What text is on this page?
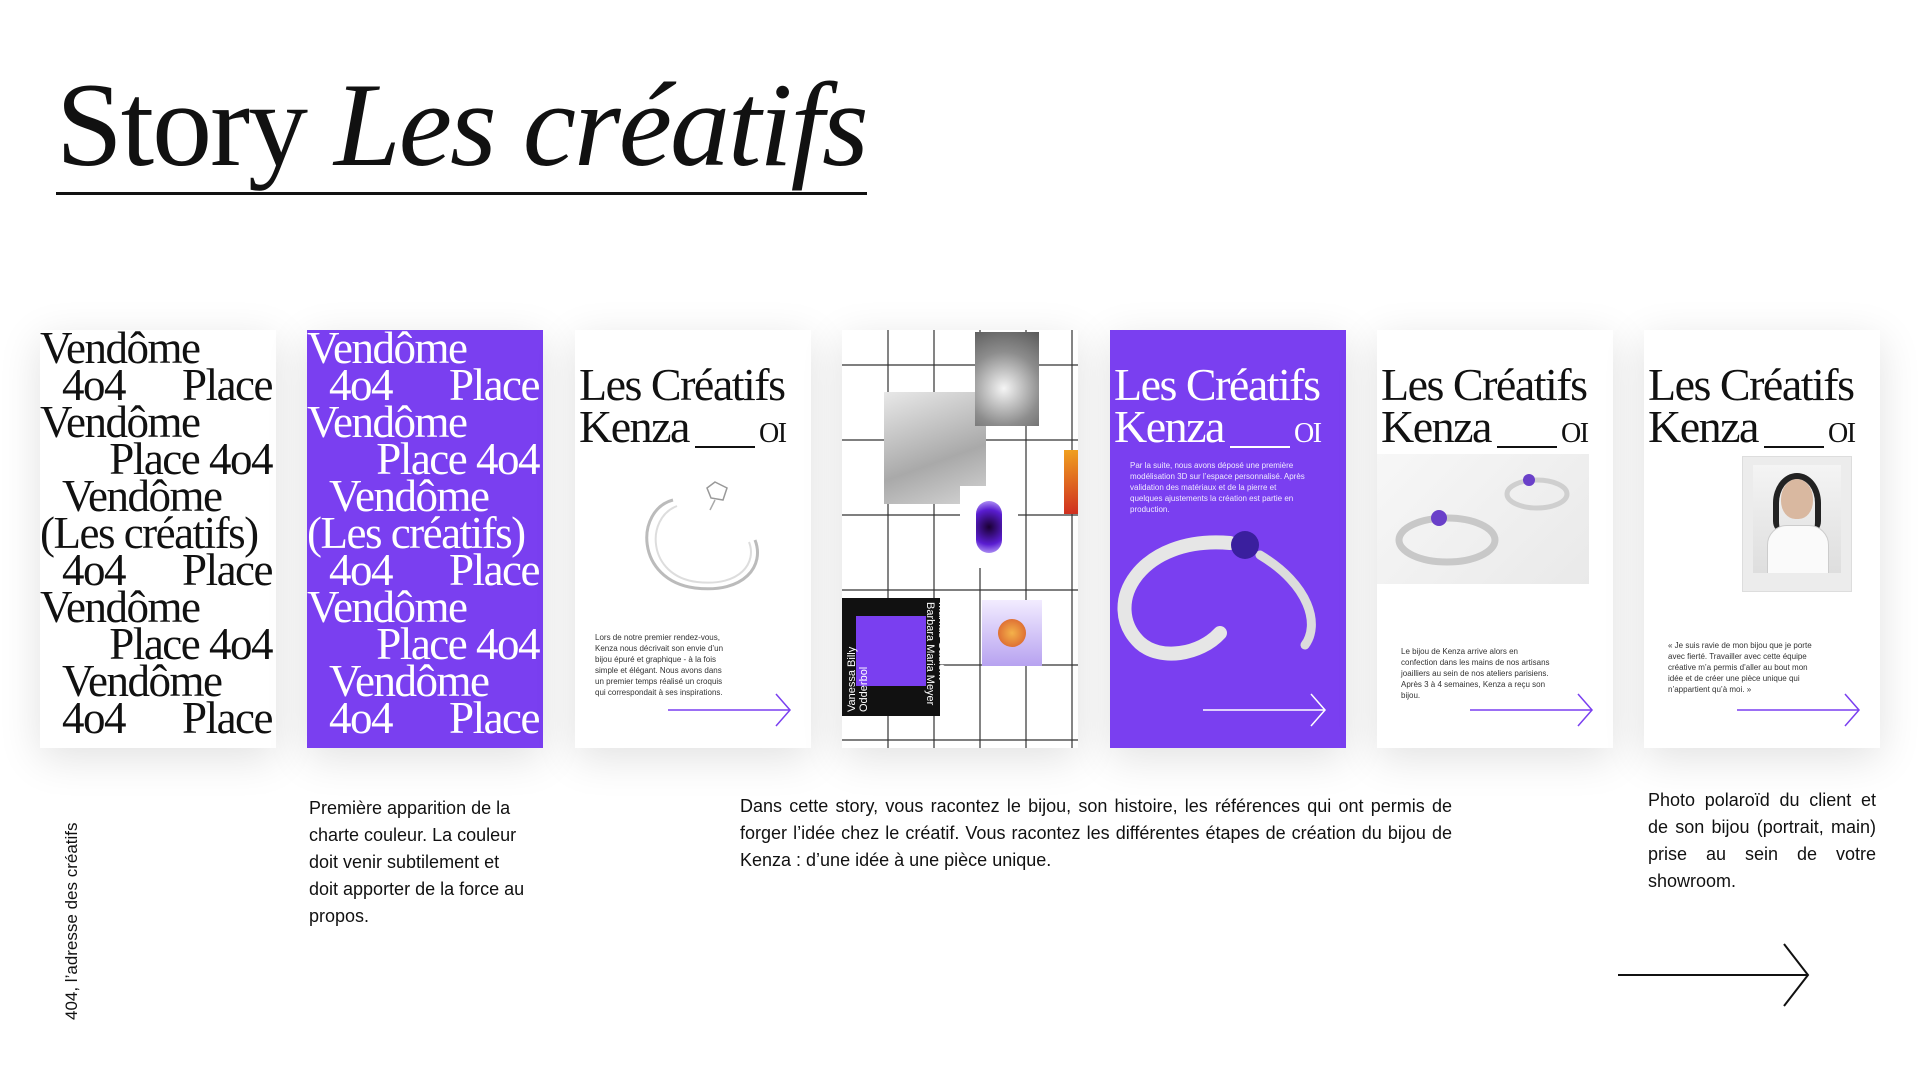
Story Les créatifs
Vendôme
4o4 Place
Vendôme
Place 4o4
Vendôme
(Les créatifs)
4o4 Place
Vendôme
Place 4o4
Vendôme
4o4 Place
Vendôme
4o4 Place
Vendôme
Place 4o4
Vendôme
(Les créatifs)
4o4 Place
Vendôme
Place 4o4
Vendôme
4o4 Place
Les Créatifs
Kenza	OI
Lors de notre premier rendez-vous, Kenza nous décrivait son envie d’un bijou épuré et graphique - à la fois simple et élégant. Nous avons dans un premier temps réalisé un croquis qui correspondait à ses inspirations.	Vanessa Billy Odderbol
Markus Gadient Barbara Maria Meyer
Les Créatifs
Kenza	OI
Par la suite, nous avons déposé une première modélisation 3D sur l’espace personnalisé. Après validation des matériaux et de la pierre et quelques ajustements la création est partie en production.
Les Créatifs
Kenza	OI
Le bijou de Kenza arrive alors en confection dans les mains de nos artisans joailliers au sein de nos ateliers parisiens. Après 3 à 4 semaines, Kenza a reçu son bijou.
Les Créatifs
Kenza	OI
« Je suis ravie de mon bijou que je porte avec fierté. Travailler avec cette équipe créative m’a permis d’aller au bout mon idée et de créer une pièce unique qui n’appartient qu’à moi. »
404, l’adresse des créatifs

Première apparition de la charte couleur. La couleur doit venir subtilement et doit apporter de la force au propos.

Dans cette story, vous racontez le bijou, son histoire, les références qui ont permis de forger l’idée chez le créatif. Vous racontez les différentes étapes de création du bijou de Kenza : d’une idée à une pièce unique.

Photo polaroïd du client et de son bijou (portrait, main) prise au sein de votre showroom.
